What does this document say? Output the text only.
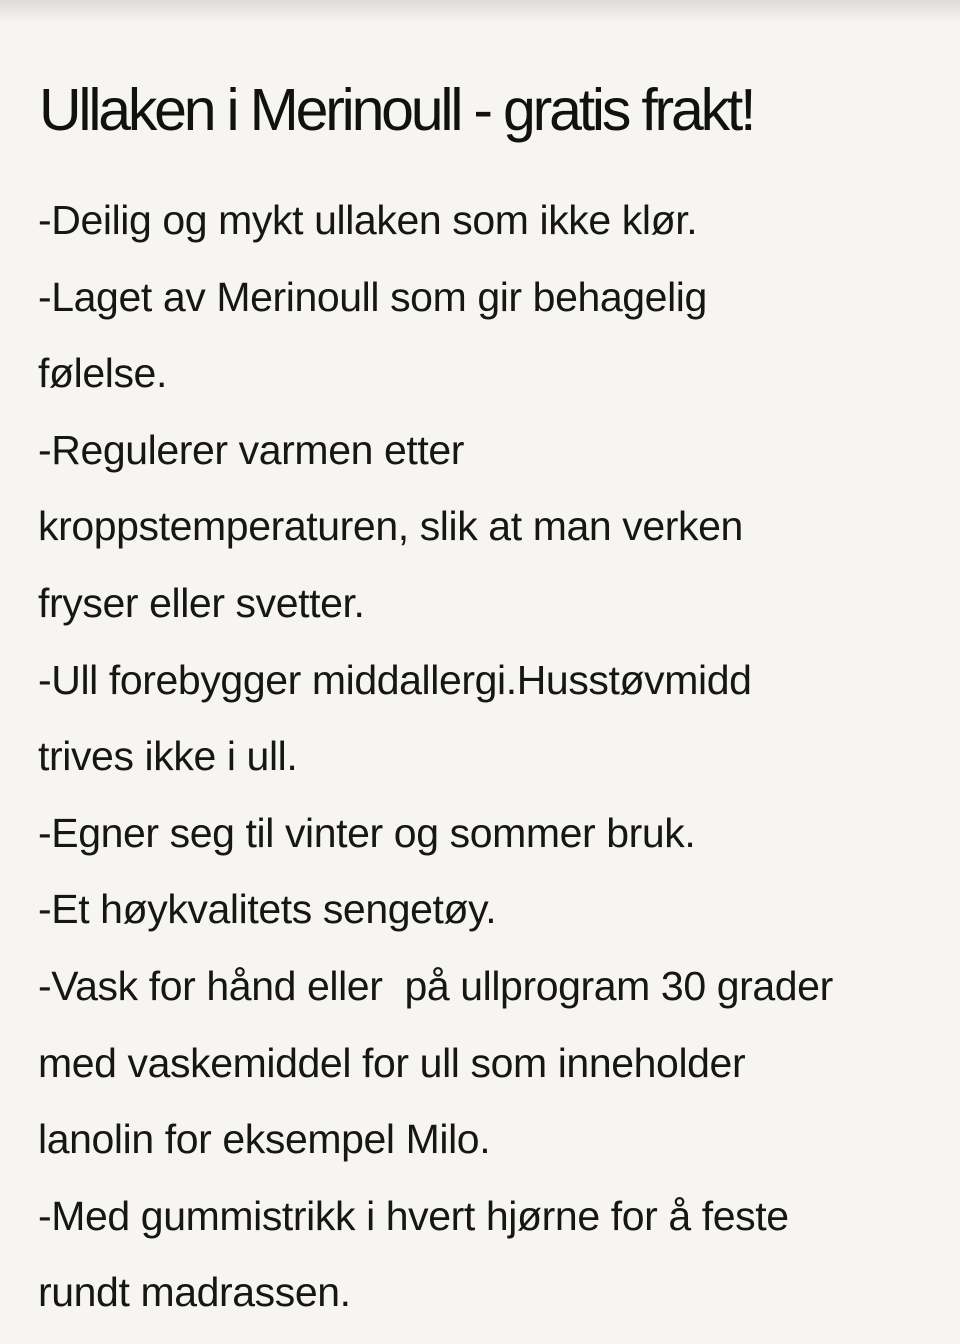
Ullaken i Merinoull - gratis frakt!
-Deilig og mykt ullaken som ikke klør.
-Laget av Merinoull som gir behagelig
følelse.
-Regulerer varmen etter
kroppstemperaturen, slik at man verken
fryser eller svetter.
-Ull forebygger middallergi.Husstøvmidd
trives ikke i ull.
-Egner seg til vinter og sommer bruk.
-Et høykvalitets sengetøy.
-Vask for hånd eller  på ullprogram 30 grader
med vaskemiddel for ull som inneholder
lanolin for eksempel Milo.
-Med gummistrikk i hvert hjørne for å feste
rundt madrassen.
